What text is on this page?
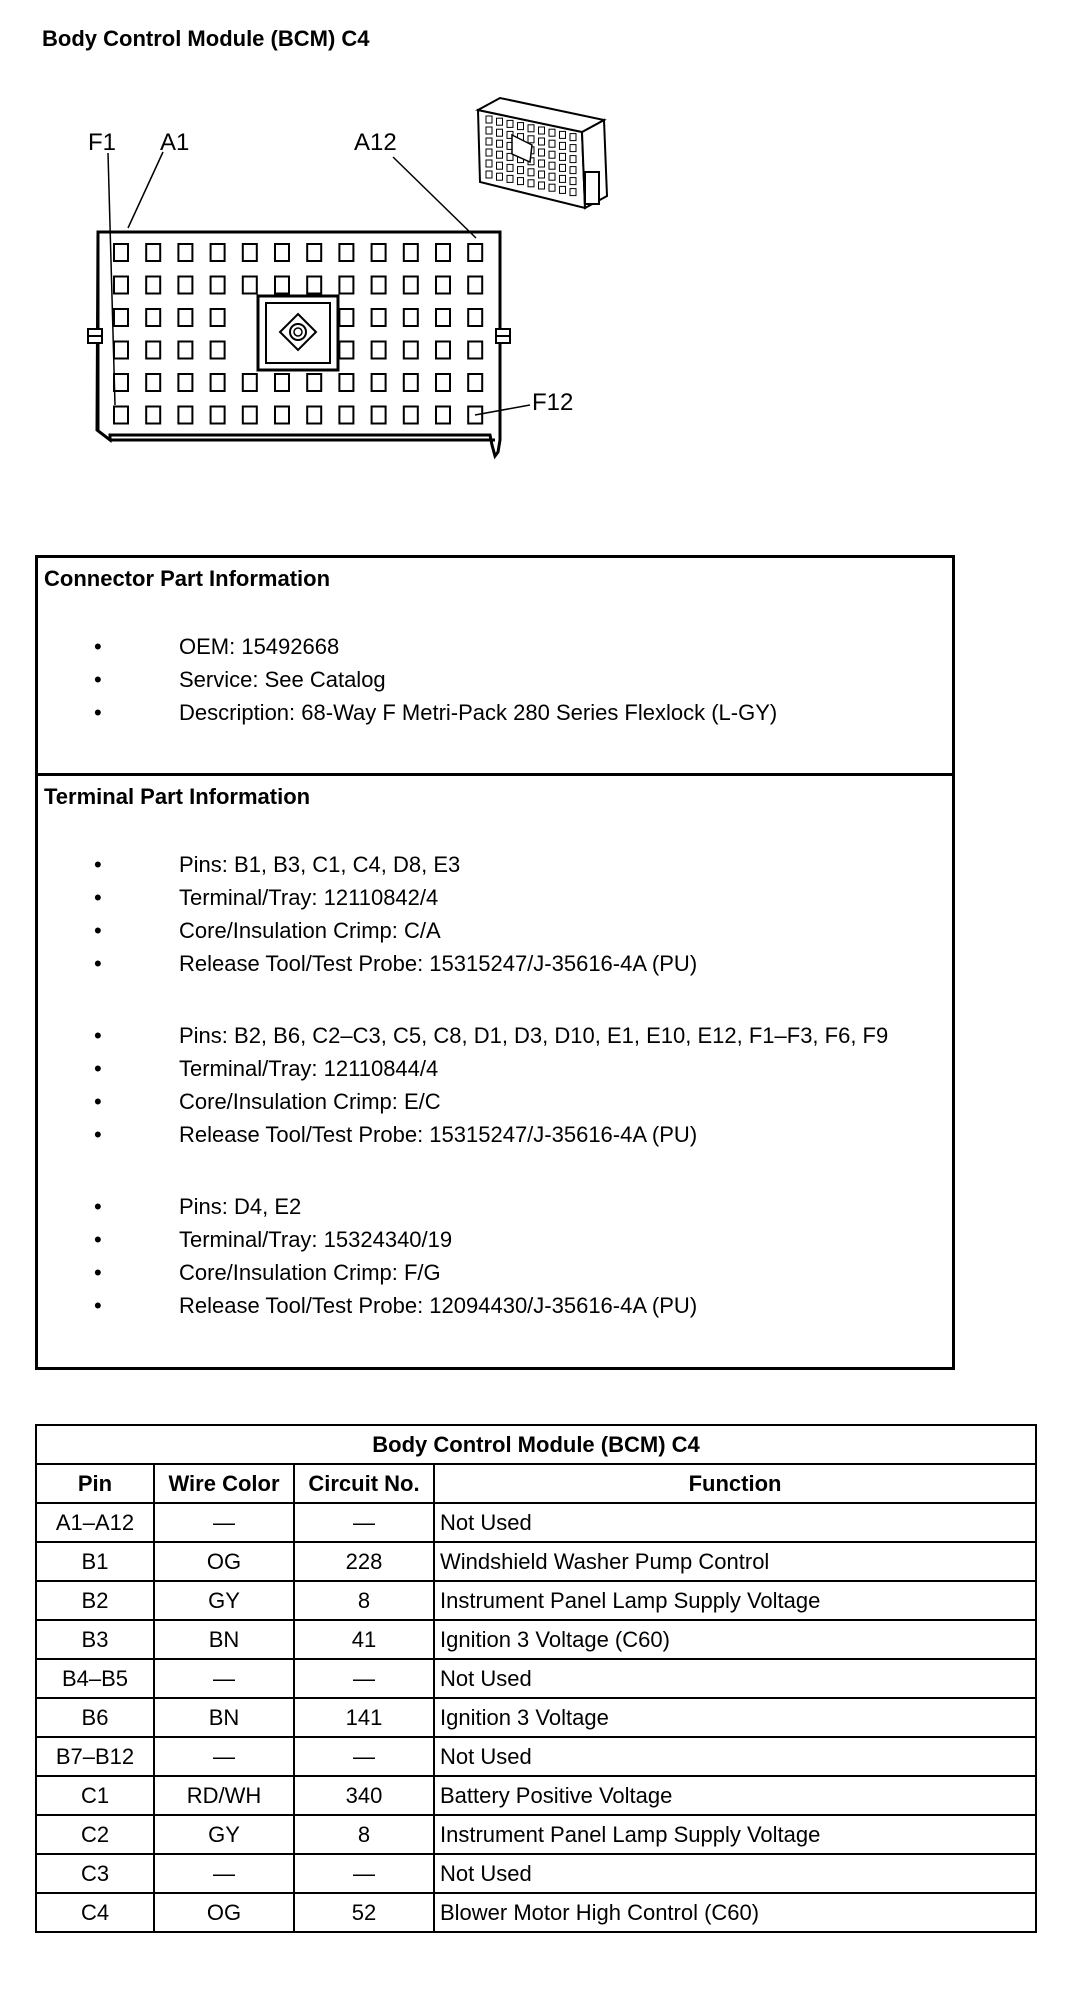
Body Control Module (BCM) C4
F1 A1	A12
F12
Connector Part Information
• OEM: 15492668
• Service: See Catalog
• Description: 68-Way F Metri-Pack 280 Series Flexlock (L-GY)
Terminal Part Information
• Pins: B1, B3, C1, C4, D8, E3
• Terminal/Tray: 12110842/4
• Core/Insulation Crimp: C/A
• Release Tool/Test Probe: 15315247/J-35616-4A (PU)
• Pins: B2, B6, C2–C3, C5, C8, D1, D3, D10, E1, E10, E12, F1–F3, F6, F9
• Terminal/Tray: 12110844/4
• Core/Insulation Crimp: E/C
• Release Tool/Test Probe: 15315247/J-35616-4A (PU)
• Pins: D4, E2
• Terminal/Tray: 15324340/19
• Core/Insulation Crimp: F/G
• Release Tool/Test Probe: 12094430/J-35616-4A (PU)
Body Control Module (BCM) C4			
Pin	Wire Color	Circuit No.	Function
A1–A12	—	—	Not Used
B1	OG	228	Windshield Washer Pump Control
B2	GY	8	Instrument Panel Lamp Supply Voltage
B3	BN	41	Ignition 3 Voltage (C60)
B4–B5	—	—	Not Used
B6	BN	141	Ignition 3 Voltage
B7–B12	—	—	Not Used
C1	RD/WH	340	Battery Positive Voltage
C2	GY	8	Instrument Panel Lamp Supply Voltage
C3	—	—	Not Used
C4	OG	52	Blower Motor High Control (C60)
